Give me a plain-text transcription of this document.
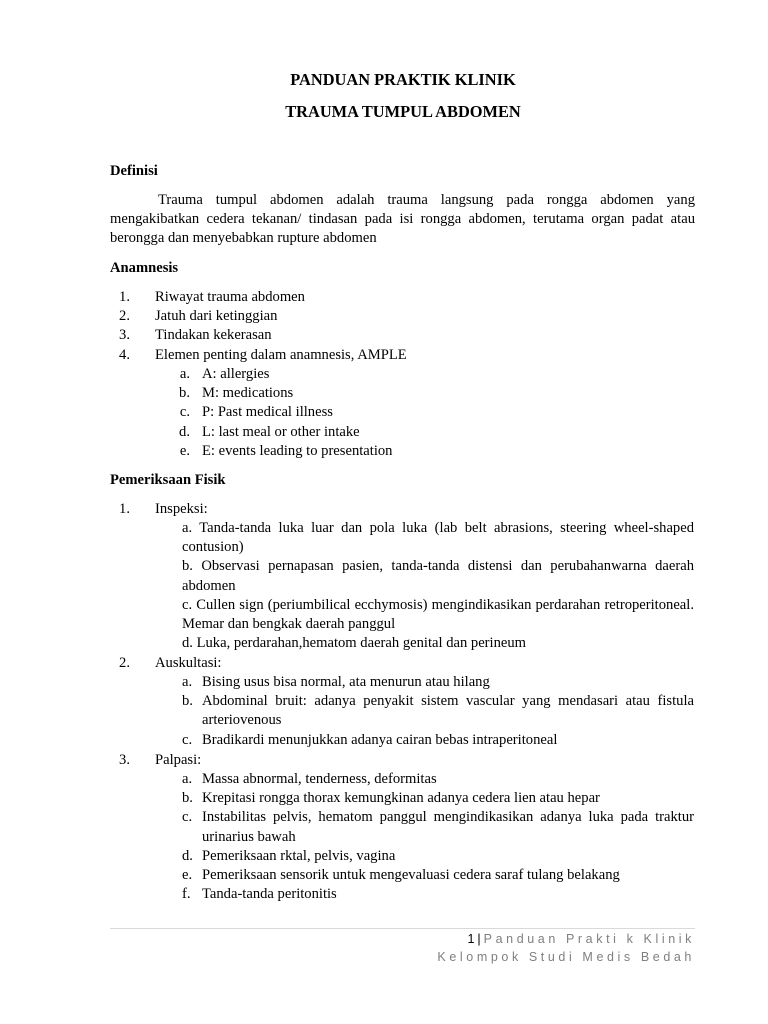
PANDUAN PRAKTIK KLINIK
TRAUMA TUMPUL ABDOMEN
Definisi
Trauma tumpul abdomen adalah trauma langsung pada rongga abdomen yang mengakibatkan cedera tekanan/ tindasan pada isi rongga abdomen, terutama organ padat atau berongga dan menyebabkan rupture abdomen
Anamnesis
1. Riwayat trauma abdomen
2. Jatuh dari ketinggian
3. Tindakan kekerasan
4. Elemen penting dalam anamnesis, AMPLE
a. A: allergies
b. M: medications
c. P: Past medical illness
d. L: last meal or other intake
e. E: events leading to presentation
Pemeriksaan Fisik
1. Inspeksi:

a. Tanda-tanda luka luar dan pola luka (lab belt abrasions, steering wheel-shaped contusion)

b. Observasi pernapasan pasien, tanda-tanda distensi dan perubahanwarna daerah abdomen

c. Cullen sign (periumbilical ecchymosis) mengindikasikan perdarahan retroperitoneal. Memar dan bengkak daerah panggul

d. Luka, perdarahan,hematom daerah genital dan perineum

2. Auskultasi:
a. Bising usus bisa normal, ata menurun atau hilang
b. Abdominal bruit: adanya penyakit sistem vascular yang mendasari atau fistula arteriovenous
c. Bradikardi menunjukkan adanya cairan bebas intraperitoneal
3. Palpasi:
a. Massa abnormal, tenderness, deformitas
b. Krepitasi rongga thorax kemungkinan adanya cedera lien atau hepar
c. Instabilitas pelvis, hematom panggul mengindikasikan adanya luka pada traktur urinarius bawah
d. Pemeriksaan rktal, pelvis, vagina
e. Pemeriksaan sensorik untuk mengevaluasi cedera saraf tulang belakang
f. Tanda-tanda peritonitis
1 | Panduan Prakti k Klinik
Kelompok Studi Medis Bedah
